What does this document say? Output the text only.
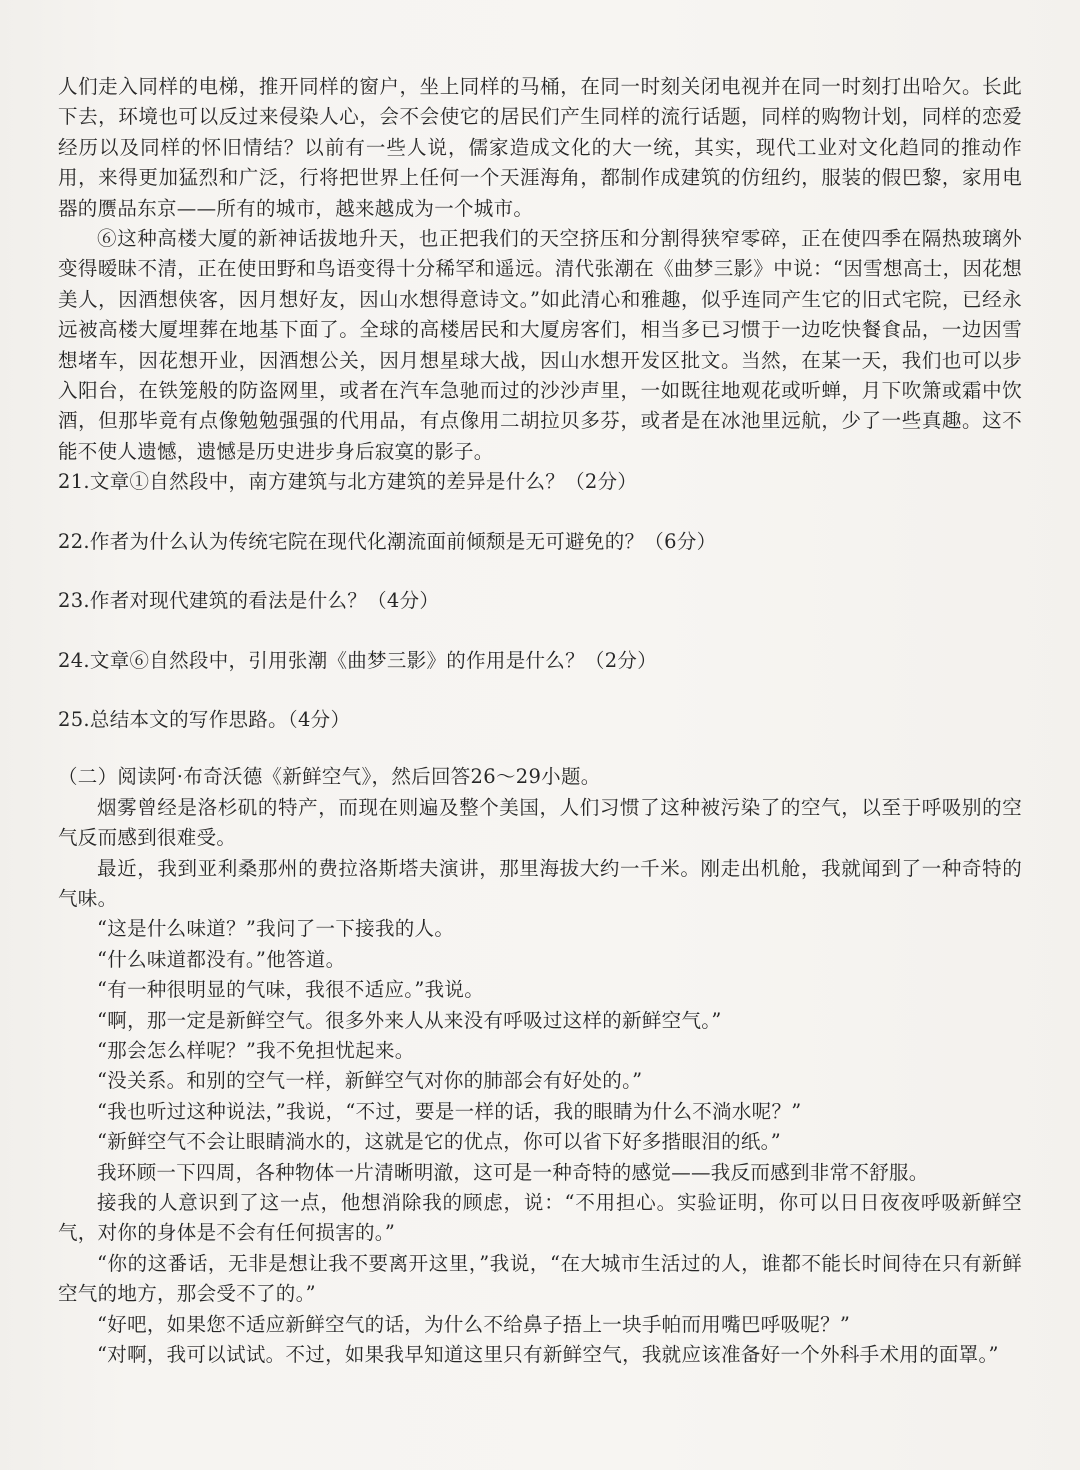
人们走入同样的电梯，推开同样的窗户，坐上同样的马桶，在同一时刻关闭电视并在同一时刻打出哈欠。长此下去，环境也可以反过来侵染人心，会不会使它的居民们产生同样的流行话题，同样的购物计划，同样的恋爱经历以及同样的怀旧情结？以前有一些人说，儒家造成文化的大一统，其实，现代工业对文化趋同的推动作用，来得更加猛烈和广泛，行将把世界上任何一个天涯海角，都制作成建筑的仿纽约，服装的假巴黎，家用电器的赝品东京——所有的城市，越来越成为一个城市。

⑥这种高楼大厦的新神话拔地升天，也正把我们的天空挤压和分割得狭窄零碎，正在使四季在隔热玻璃外变得暧昧不清，正在使田野和鸟语变得十分稀罕和遥远。清代张潮在《曲梦三影》中说：“因雪想高士，因花想美人，因酒想侠客，因月想好友，因山水想得意诗文。”如此清心和雅趣，似乎连同产生它的旧式宅院，已经永远被高楼大厦埋葬在地基下面了。全球的高楼居民和大厦房客们，相当多已习惯于一边吃快餐食品，一边因雪想堵车，因花想开业，因酒想公关，因月想星球大战，因山水想开发区批文。当然，在某一天，我们也可以步入阳台，在铁笼般的防盗网里，或者在汽车急驰而过的沙沙声里，一如既往地观花或听蝉，月下吹箫或霜中饮酒，但那毕竟有点像勉勉强强的代用品，有点像用二胡拉贝多芬，或者是在冰池里远航，少了一些真趣。这不能不使人遗憾，遗憾是历史进步身后寂寞的影子。

21.文章①自然段中，南方建筑与北方建筑的差异是什么？（2分）

22.作者为什么认为传统宅院在现代化潮流面前倾颓是无可避免的？（6分）

23.作者对现代建筑的看法是什么？（4分）

24.文章⑥自然段中，引用张潮《曲梦三影》的作用是什么？（2分）

25.总结本文的写作思路。（4分）

（二）阅读阿·布奇沃德《新鲜空气》，然后回答26～29小题。

烟雾曾经是洛杉矶的特产，而现在则遍及整个美国，人们习惯了这种被污染了的空气，以至于呼吸别的空气反而感到很难受。

最近，我到亚利桑那州的费拉洛斯塔夫演讲，那里海拔大约一千米。刚走出机舱，我就闻到了一种奇特的气味。

“这是什么味道？”我问了一下接我的人。

“什么味道都没有。”他答道。

“有一种很明显的气味，我很不适应。”我说。

“啊，那一定是新鲜空气。很多外来人从来没有呼吸过这样的新鲜空气。”

“那会怎么样呢？”我不免担忧起来。

“没关系。和别的空气一样，新鲜空气对你的肺部会有好处的。”

“我也听过这种说法，”我说，“不过，要是一样的话，我的眼睛为什么不淌水呢？”

“新鲜空气不会让眼睛淌水的，这就是它的优点，你可以省下好多揩眼泪的纸。”

我环顾一下四周，各种物体一片清晰明澈，这可是一种奇特的感觉——我反而感到非常不舒服。

接我的人意识到了这一点，他想消除我的顾虑，说：“不用担心。实验证明，你可以日日夜夜呼吸新鲜空气，对你的身体是不会有任何损害的。”

“你的这番话，无非是想让我不要离开这里，”我说，“在大城市生活过的人，谁都不能长时间待在只有新鲜空气的地方，那会受不了的。”

“好吧，如果您不适应新鲜空气的话，为什么不给鼻子捂上一块手帕而用嘴巴呼吸呢？”

“对啊，我可以试试。不过，如果我早知道这里只有新鲜空气，我就应该准备好一个外科手术用的面罩。”
